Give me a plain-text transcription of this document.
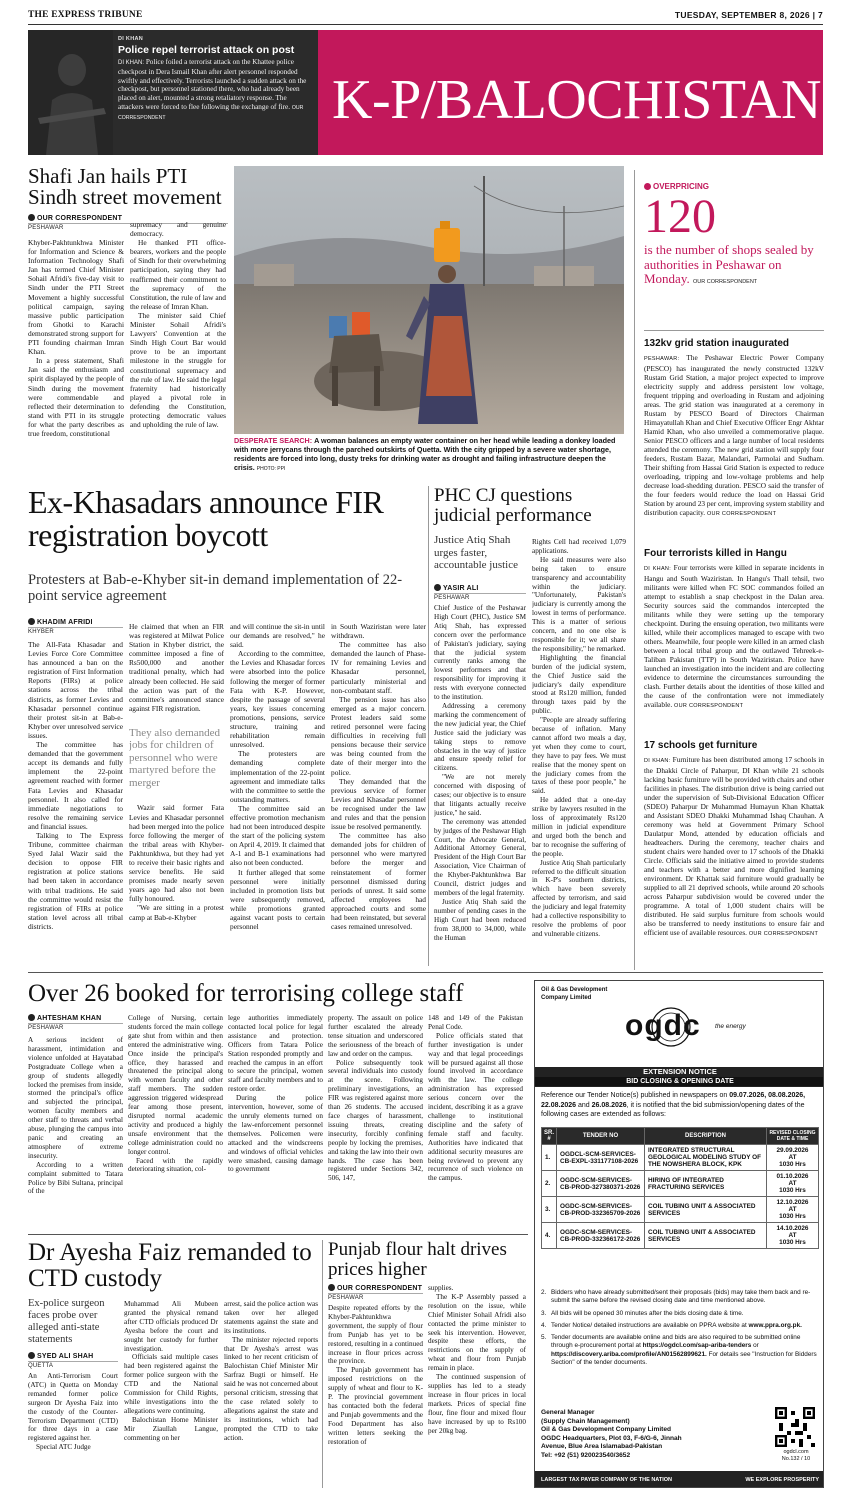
THE EXPRESS TRIBUNE	TUESDAY, SEPTEMBER 8, 2026 | 7
DI KHAN
Police repel terrorist attack on post
DI KHAN: Police foiled a terrorist attack on the Khattee police checkpost in Dera Ismail Khan after alert personnel responded swiftly and effectively. Terrorists launched a sudden attack on the checkpost, but personnel stationed there, who had already been placed on alert, mounted a strong retaliatory response. The attackers were forced to flee following the exchange of fire. OUR CORRESPONDENT	K-P/BALOCHISTAN
Shafi Jan hails PTI Sindh street movement
OUR CORRESPONDENT
PESHAWAR

Khyber-Pakhtunkhwa Minister for Information and Science & Information Technology Shafi Jan has termed Chief Minister Sohail Afridi's five-day visit to Sindh under the PTI Street Movement a highly successful political campaign, saying massive public participation from Ghotki to Karachi demonstrated strong support for PTI founding chairman Imran Khan.

In a press statement, Shafi Jan said the enthusiasm and spirit displayed by the people of Sindh during the movement were commendable and reflected their determination to stand with PTI in its struggle for what the party describes as true freedom, constitutional

supremacy and genuine democracy.

He thanked PTI office-bearers, workers and the people of Sindh for their overwhelming participation, saying they had reaffirmed their commitment to the supremacy of the Constitution, the rule of law and the release of Imran Khan.

The minister said Chief Minister Sohail Afridi's Lawyers' Convention at the Sindh High Court Bar would prove to be an important milestone in the struggle for constitutional supremacy and the rule of law. He said the legal fraternity had historically played a pivotal role in defending the Constitution, protecting democratic values and upholding the rule of law.

DESPERATE SEARCH: A woman balances an empty water container on her head while leading a donkey loaded with more jerrycans through the parched outskirts of Quetta. With the city gripped by a severe water shortage, residents are forced into long, dusty treks for drinking water as drought and failing infrastructure deepen the crisis. PHOTO: PPI
OVERPRICING
120
is the number of shops sealed by authorities in Peshawar on Monday. OUR CORRESPONDENT
132kv grid station inaugurated
PESHAWAR: The Peshawar Electric Power Company (PESCO) has inaugurated the newly constructed 132kV Rustam Grid Station, a major project expected to improve electricity supply and address persistent low voltage, frequent tripping and overloading in Rustam and adjoining areas. The grid station was inaugurated at a ceremony in Rustam by PESCO Board of Directors Chairman Himayatullah Khan and Chief Executive Officer Engr Akhtar Hamid Khan, who also unveiled a commemorative plaque. Senior PESCO officers and a large number of local residents attended the ceremony. The new grid station will supply four feeders, Rustam Bazar, Malandari, Parmolai and Sudham. Their shifting from Hassai Grid Station is expected to reduce overloading, tripping and low-voltage problems and help decrease load-shedding duration. PESCO said the transfer of the four feeders would reduce the load on Hassai Grid Station by around 23 per cent, improving system stability and distribution capacity. OUR CORRESPONDENT
Four terrorists killed in Hangu
DI KHAN: Four terrorists were killed in separate incidents in Hangu and South Waziristan. In Hangu's Thall tehsil, two militants were killed when FC SOC commandos foiled an attempt to establish a snap checkpost in the Dalan area. Security sources said the commandos intercepted the militants while they were setting up the temporary checkpoint. During the ensuing operation, two militants were killed, while their accomplices managed to escape with two others. Meanwhile, four people were killed in an armed clash between a local tribal group and the outlawed Tehreek-e-Taliban Pakistan (TTP) in South Waziristan. Police have launched an investigation into the incident and are collecting evidence to determine the circumstances surrounding the clash. Further details about the identities of those killed and the cause of the confrontation were not immediately available. OUR CORRESPONDENT
17 schools get furniture
DI KHAN: Furniture has been distributed among 17 schools in the Dhakki Circle of Paharpur, DI Khan while 21 schools lacking basic furniture will be provided with chairs and other facilities in phases. The distribution drive is being carried out under the supervision of Sub-Divisional Education Officer (SDEO) Paharpur Dr Muhammad Humayun Khan Khattak and Assistant SDEO Dhakki Muhammad Ishaq Chauhan. A ceremony was held at Government Primary School Daulatpur Mond, attended by education officials and headteachers. During the ceremony, teacher chairs and student chairs were handed over to 17 schools of the Dhakki Circle. Officials said the initiative aimed to provide students and teachers with a better and more dignified learning environment. Dr Khattak said furniture would gradually be supplied to all 21 deprived schools, while around 20 schools across Paharpur subdivision would be covered under the programme. A total of 1,000 student chairs will be distributed. He said surplus furniture from schools would also be transferred to needy institutions to ensure fair and efficient use of available resources. OUR CORRESPONDENT
Ex-Khasadars announce FIR registration boycott
Protesters at Bab-e-Khyber sit-in demand implementation of 22-point service agreement
KHADIM AFRIDI
KHYBER

The All-Fata Khasadar and Levies Force Core Committee has announced a ban on the registration of First Information Reports (FIRs) at police stations across the tribal districts, as former Levies and Khasadar personnel continue their protest sit-in at Bab-e-Khyber over unresolved service issues.

The committee has demanded that the government accept its demands and fully implement the 22-point agreement reached with former Fata Levies and Khasadar personnel. It also called for immediate negotiations to resolve the remaining service and financial issues.

Talking to The Express Tribune, committee chairman Syed Jalal Wazir said the decision to oppose FIR registration at police stations had been taken in accordance with tribal traditions. He said the committee would resist the registration of FIRs at police station level across all tribal districts.

He claimed that when an FIR was registered at Milwat Police Station in Khyber district, the committee imposed a fine of Rs500,000 and another traditional penalty, which had already been collected. He said the action was part of the committee's announced stance against FIR registration.

They also demanded jobs for children of personnel who were martyred before the merger

Wazir said former Fata Levies and Khasadar personnel had been merged into the police force following the merger of the tribal areas with Khyber-Pakhtunkhwa, but they had yet to receive their basic rights and service benefits. He said promises made nearly seven years ago had also not been fully honoured.

"We are sitting in a protest camp at Bab-e-Khyber

and will continue the sit-in until our demands are resolved," he said.

According to the committee, the Levies and Khasadar forces were absorbed into the police following the merger of former Fata with K-P. However, despite the passage of several years, key issues concerning promotions, pensions, service structure, training and rehabilitation remain unresolved.

The protesters are demanding complete implementation of the 22-point agreement and immediate talks with the committee to settle the outstanding matters.

The committee said an effective promotion mechanism had not been introduced despite the start of the policing system on April 4, 2019. It claimed that A-1 and B-1 examinations had also not been conducted.

It further alleged that some personnel were initially included in promotion lists but were subsequently removed, while promotions granted against vacant posts to certain personnel

in South Waziristan were later withdrawn.

The committee has also demanded the launch of Phase-IV for remaining Levies and Khasadar personnel, particularly ministerial and non-combatant staff.

The pension issue has also emerged as a major concern. Protest leaders said some retired personnel were facing difficulties in receiving full pensions because their service was being counted from the date of their merger into the police.

They demanded that the previous service of former Levies and Khasadar personnel be recognised under the law and rules and that the pension issue be resolved permanently.

The committee has also demanded jobs for children of personnel who were martyred before the merger and reinstatement of former personnel dismissed during periods of unrest. It said some affected employees had approached courts and some had been reinstated, but several cases remained unresolved.

PHC CJ questions judicial performance
Justice Atiq Shah urges faster, accountable justice
YASIR ALI
PESHAWAR

Chief Justice of the Peshawar High Court (PHC), Justice SM Atiq Shah, has expressed concern over the performance of Pakistan's judiciary, saying that the judicial system currently ranks among the lowest performers and that responsibility for improving it rests with everyone connected to the institution.

Addressing a ceremony marking the commencement of the new judicial year, the Chief Justice said the judiciary was taking steps to remove obstacles in the way of justice and ensure speedy relief for citizens.

"We are not merely concerned with disposing of cases; our objective is to ensure that litigants actually receive justice," he said.

The ceremony was attended by judges of the Peshawar High Court, the Advocate General, Additional Attorney General, President of the High Court Bar Association, Vice Chairman of the Khyber-Pakhtunkhwa Bar Council, district judges and members of the legal fraternity.

Justice Atiq Shah said the number of pending cases in the High Court had been reduced from 38,000 to 34,000, while the Human

Rights Cell had received 1,079 applications.

He said measures were also being taken to ensure transparency and accountability within the judiciary. "Unfortunately, Pakistan's judiciary is currently among the lowest in terms of performance. This is a matter of serious concern, and no one else is responsible for it; we all share the responsibility," he remarked.

Highlighting the financial burden of the judicial system, the Chief Justice said the judiciary's daily expenditure stood at Rs120 million, funded through taxes paid by the public.

"People are already suffering because of inflation. Many cannot afford two meals a day, yet when they come to court, they have to pay fees. We must realise that the money spent on the judiciary comes from the taxes of these poor people," he said.

He added that a one-day strike by lawyers resulted in the loss of approximately Rs120 million in judicial expenditure and urged both the bench and bar to recognise the suffering of the people.

Justice Atiq Shah particularly referred to the difficult situation in K-P's southern districts, which have been severely affected by terrorism, and said the judiciary and legal fraternity had a collective responsibility to resolve the problems of poor and vulnerable citizens.

Over 26 booked for terrorising college staff
AHTESHAM KHAN
PESHAWAR

A serious incident of harassment, intimidation and violence unfolded at Hayatabad Postgraduate College when a group of students allegedly locked the premises from inside, stormed the principal's office and subjected the principal, women faculty members and other staff to threats and verbal abuse, plunging the campus into panic and creating an atmosphere of extreme insecurity.

According to a written complaint submitted to Tatara Police by Bibi Sultana, principal of the

College of Nursing, certain students forced the main college gate shut from within and then entered the administrative wing. Once inside the principal's office, they harassed and threatened the principal along with women faculty and other staff members. The sudden aggression triggered widespread fear among those present, disrupted normal academic activity and produced a highly unsafe environment that the college administration could no longer control.

Faced with the rapidly deteriorating situation, col-

lege authorities immediately contacted local police for legal assistance and protection. Officers from Tatara Police Station responded promptly and reached the campus in an effort to secure the principal, women staff and faculty members and to restore order.

During the police intervention, however, some of the unruly elements turned on the law-enforcement personnel themselves. Policemen were attacked and the windscreens and windows of official vehicles were smashed, causing damage to government

property. The assault on police further escalated the already tense situation and underscored the seriousness of the breach of law and order on the campus.

Police subsequently took several individuals into custody at the scene. Following preliminary investigations, an FIR was registered against more than 26 students. The accused face charges of harassment, issuing threats, creating insecurity, forcibly confining people by locking the premises, and taking the law into their own hands. The case has been registered under Sections 342, 506, 147,

148 and 149 of the Pakistan Penal Code.

Police officials stated that further investigation is under way and that legal proceedings will be pursued against all those found involved in accordance with the law. The college administration has expressed serious concern over the incident, describing it as a grave challenge to institutional discipline and the safety of female staff and faculty. Authorities have indicated that additional security measures are being reviewed to prevent any recurrence of such violence on the campus.

Dr Ayesha Faiz remanded to CTD custody
Ex-police surgeon faces probe over alleged anti-state statements
SYED ALI SHAH
QUETTA

An Anti-Terrorism Court (ATC) in Quetta on Monday remanded former police surgeon Dr Ayesha Faiz into the custody of the Counter-Terrorism Department (CTD) for three days in a case registered against her.

Special ATC Judge

Muhammad Ali Mubeen granted the physical remand after CTD officials produced Dr Ayesha before the court and sought her custody for further investigation.

Officials said multiple cases had been registered against the former police surgeon with the CTD and the National Commission for Child Rights, while investigations into the allegations were continuing.

Balochistan Home Minister Mir Ziaullah Langue, commenting on her

arrest, said the police action was taken over her alleged statements against the state and its institutions.

The minister rejected reports that Dr Ayesha's arrest was linked to her recent criticism of Balochistan Chief Minister Mir Sarfraz Bugti or himself. He said he was not concerned about personal criticism, stressing that the case related solely to allegations against the state and its institutions, which had prompted the CTD to take action.

Punjab flour halt drives prices higher
OUR CORRESPONDENT
PESHAWAR

Despite repeated efforts by the Khyber-Pakhtunkhwa government, the supply of flour from Punjab has yet to be restored, resulting in a continued increase in flour prices across the province.

The Punjab government has imposed restrictions on the supply of wheat and flour to K-P. The provincial government has contacted both the federal and Punjab governments and the Food Department has also written letters seeking the restoration of

supplies.

The K-P Assembly passed a resolution on the issue, while Chief Minister Sohail Afridi also contacted the prime minister to seek his intervention. However, despite these efforts, the restrictions on the supply of wheat and flour from Punjab remain in place.

The continued suspension of supplies has led to a steady increase in flour prices in local markets. Prices of special fine flour, fine flour and mixed flour have increased by up to Rs100 per 20kg bag.

Oil & Gas Development Company Limited
ogdc the energy
EXTENSION NOTICE
BID CLOSING & OPENING DATE
Reference our Tender Notice(s) published in newspapers on 09.07.2026, 08.08.2026, 22.08.2026 and 26.08.2026, it is notified that the bid submission/opening dates of the following cases are extended as follows:
SR. #	TENDER NO	DESCRIPTION	REVISED CLOSING DATE & TIME
1.	OGDCL-SCM-SERVICES-CB-EXPL-331177108-2026	INTEGRATED STRUCTURAL GEOLOGICAL MODELING STUDY OF THE NOWSHERA BLOCK, KPK	29.09.2026
AT
1030 Hrs

2.	OGDC-SCM-SERVICES-CB-PROD-327380371-2026	HIRING OF INTEGRATED FRACTURING SERVICES	01.10.2026
AT
1030 Hrs

3.	OGDC-SCM-SERVICES-CB-PROD-332365709-2026	COIL TUBING UNIT & ASSOCIATED SERVICES	12.10.2026
AT
1030 Hrs

4.	OGDC-SCM-SERVICES-CB-PROD-332366172-2026	COIL TUBING UNIT & ASSOCIATED SERVICES	14.10.2026
AT
1030 Hrs
2. Bidders who have already submitted/sent their proposals (bids) may take them back and re-submit the same before the revised closing date and time mentioned above.
3. All bids will be opened 30 minutes after the bids closing date & time.
4. Tender Notice/ detailed instructions are available on PPRA website at www.ppra.org.pk.
5. Tender documents are available online and bids are also required to be submitted online through e-procurement portal at https://ogdcl.com/sap-ariba-tenders or https://discovery.ariba.com/profile/AN01562899621. For details see "Instruction for Bidders Section" of the tender documents.
General Manager
(Supply Chain Management)
Oil & Gas Development Company Limited
OGDC Headquarters, Plot 03, F-6/G-6, Jinnah
Avenue, Blue Area Islamabad-Pakistan
Tel: +92 (51) 920023540/3652	ogdcl.com
No.132 / 10
LARGEST TAX PAYER COMPANY OF THE NATION	WE EXPLORE PROSPERITY
